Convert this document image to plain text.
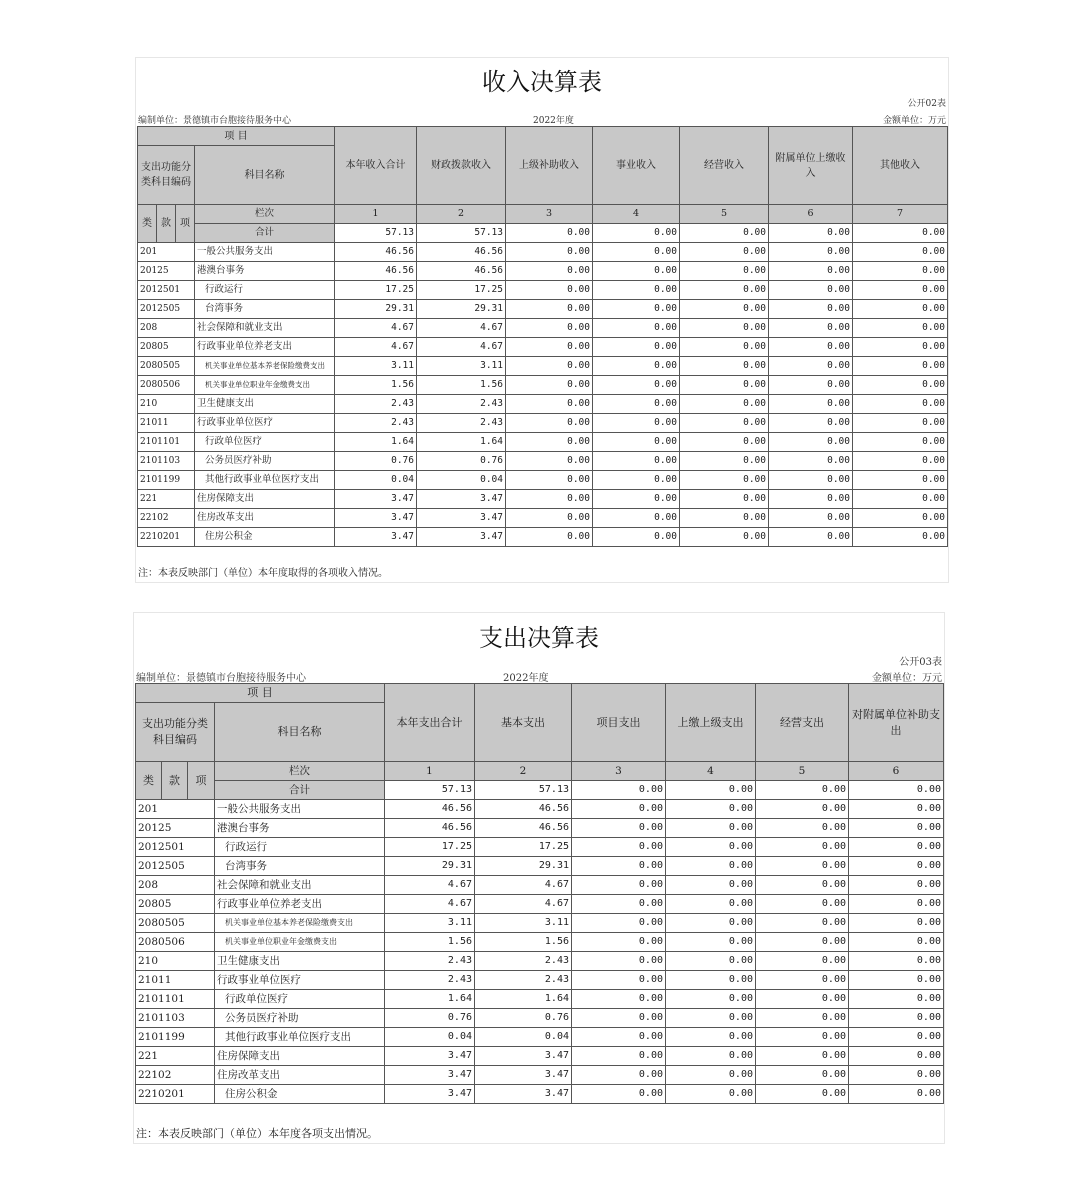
收入决算表
公开02表
编制单位：景德镇市台胞接待服务中心	2022年度	金额单位：万元
项 目				本年收入合计	财政拨款收入	上级补助收入	事业收入	经营收入	附属单位上缴收入	其他收入
支出功能分类科目编码			科目名称							

类	款	项	栏次	1	2	3	4	5	6	7
			合计	57.13	57.13	0.00	0.00	0.00	0.00	0.00
201			一般公共服务支出	46.56	46.56	0.00	0.00	0.00	0.00	0.00
20125			港澳台事务	46.56	46.56	0.00	0.00	0.00	0.00	0.00
2012501			行政运行	17.25	17.25	0.00	0.00	0.00	0.00	0.00
2012505			台湾事务	29.31	29.31	0.00	0.00	0.00	0.00	0.00
208			社会保障和就业支出	4.67	4.67	0.00	0.00	0.00	0.00	0.00
20805			行政事业单位养老支出	4.67	4.67	0.00	0.00	0.00	0.00	0.00
2080505			机关事业单位基本养老保险缴费支出	3.11	3.11	0.00	0.00	0.00	0.00	0.00
2080506			机关事业单位职业年金缴费支出	1.56	1.56	0.00	0.00	0.00	0.00	0.00
210			卫生健康支出	2.43	2.43	0.00	0.00	0.00	0.00	0.00
21011			行政事业单位医疗	2.43	2.43	0.00	0.00	0.00	0.00	0.00
2101101			行政单位医疗	1.64	1.64	0.00	0.00	0.00	0.00	0.00
2101103			公务员医疗补助	0.76	0.76	0.00	0.00	0.00	0.00	0.00
2101199			其他行政事业单位医疗支出	0.04	0.04	0.00	0.00	0.00	0.00	0.00
221			住房保障支出	3.47	3.47	0.00	0.00	0.00	0.00	0.00
22102			住房改革支出	3.47	3.47	0.00	0.00	0.00	0.00	0.00
2210201			住房公积金	3.47	3.47	0.00	0.00	0.00	0.00	0.00
注：本表反映部门（单位）本年度取得的各项收入情况。
支出决算表
公开03表
编制单位：景德镇市台胞接待服务中心	2022年度	金额单位：万元
项 目				本年支出合计	基本支出	项目支出	上缴上级支出	经营支出	对附属单位补助支出
支出功能分类科目编码			科目名称						

类	款	项	栏次	1	2	3	4	5	6
			合计	57.13	57.13	0.00	0.00	0.00	0.00
201			一般公共服务支出	46.56	46.56	0.00	0.00	0.00	0.00
20125			港澳台事务	46.56	46.56	0.00	0.00	0.00	0.00
2012501			行政运行	17.25	17.25	0.00	0.00	0.00	0.00
2012505			台湾事务	29.31	29.31	0.00	0.00	0.00	0.00
208			社会保障和就业支出	4.67	4.67	0.00	0.00	0.00	0.00
20805			行政事业单位养老支出	4.67	4.67	0.00	0.00	0.00	0.00
2080505			机关事业单位基本养老保险缴费支出	3.11	3.11	0.00	0.00	0.00	0.00
2080506			机关事业单位职业年金缴费支出	1.56	1.56	0.00	0.00	0.00	0.00
210			卫生健康支出	2.43	2.43	0.00	0.00	0.00	0.00
21011			行政事业单位医疗	2.43	2.43	0.00	0.00	0.00	0.00
2101101			行政单位医疗	1.64	1.64	0.00	0.00	0.00	0.00
2101103			公务员医疗补助	0.76	0.76	0.00	0.00	0.00	0.00
2101199			其他行政事业单位医疗支出	0.04	0.04	0.00	0.00	0.00	0.00
221			住房保障支出	3.47	3.47	0.00	0.00	0.00	0.00
22102			住房改革支出	3.47	3.47	0.00	0.00	0.00	0.00
2210201			住房公积金	3.47	3.47	0.00	0.00	0.00	0.00
注：本表反映部门（单位）本年度各项支出情况。
